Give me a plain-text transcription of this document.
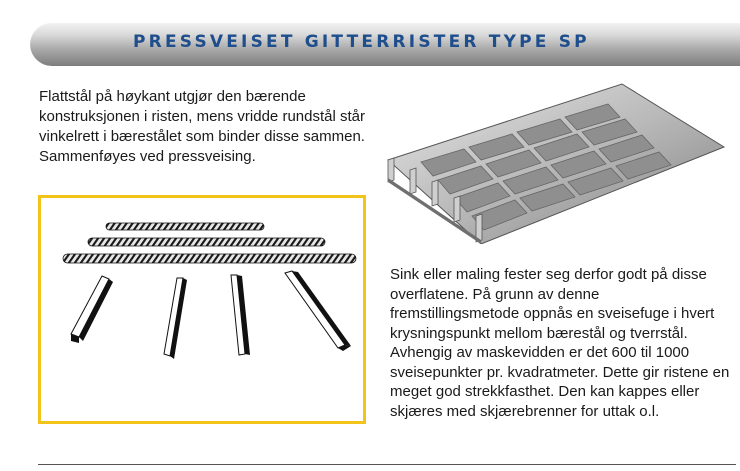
PRESSVEISET GITTERRISTER TYPE SP

Flattstål på høykant utgjør den bærende konstruksjonen i risten, mens vridde rundstål står vinkelrett i bærestålet som binder disse sammen. Sammenføyes ved pressveising.

Sink eller maling fester seg derfor godt på disse overflatene. På grunn av denne fremstillingsmetode oppnås en sveisefuge i hvert krysningspunkt mellom bærestål og tverrstål. Avhengig av maskevidden er det 600 til 1000 sveisepunkter pr. kvadratmeter. Dette gir ristene en meget god strekkfasthet. Den kan kappes eller skjæres med skjærebrenner for uttak o.l.
